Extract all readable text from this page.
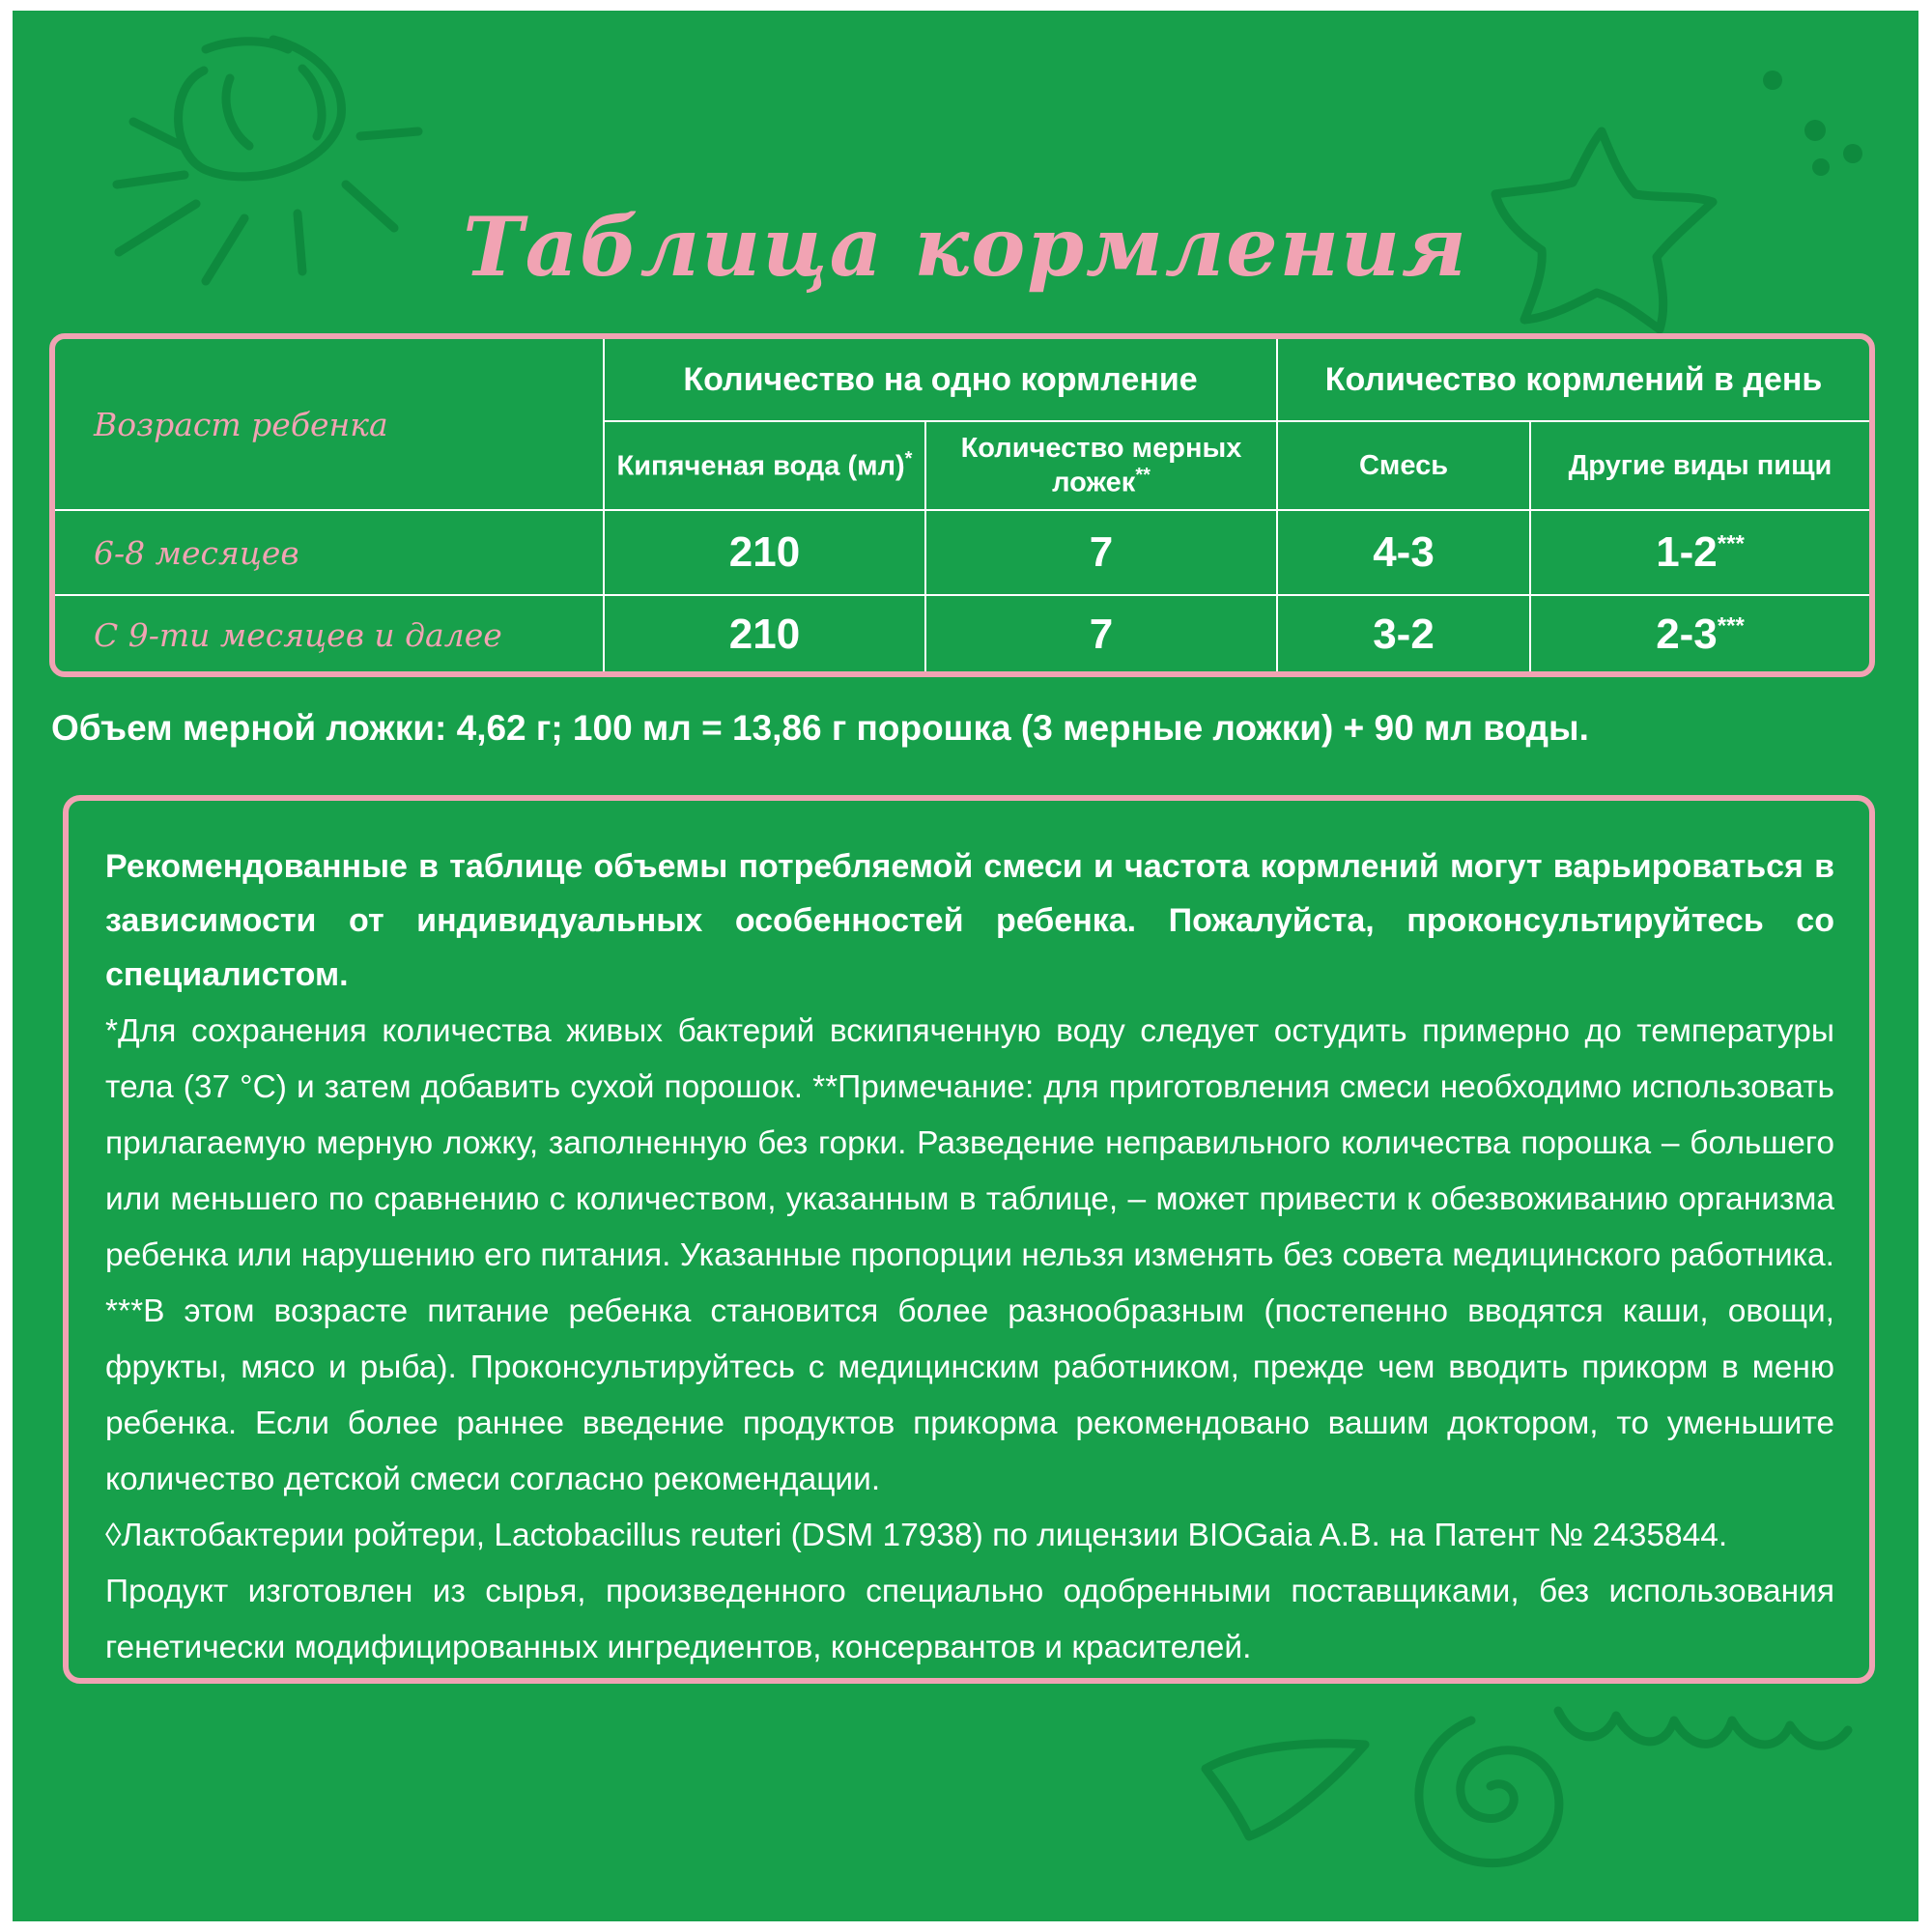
Таблица кормления
Возраст ребенка	Количество на одно кормление		Количество кормлений в день	
	Кипяченая вода (мл)*	Количество мерных ложек**	Смесь	Другие виды пищи
6-8 месяцев	210	7	4-3	1-2***
С 9-ти месяцев и далее	210	7	3-2	2-3***

Объем мерной ложки: 4,62 г; 100 мл = 13,86 г порошка (3 мерные ложки) + 90 мл воды.

Рекомендованные в таблице объемы потребляемой смеси и частота кормлений могут варьироваться в зависимости от индивидуальных особенностей ребенка. Пожалуйста, проконсультируйтесь со специалистом.

*Для сохранения количества живых бактерий вскипяченную воду следует остудить примерно до температуры тела (37 °С) и затем добавить сухой порошок. **Примечание: для приготовления смеси необходимо использовать прилагаемую мерную ложку, заполненную без горки. Разведение неправильного количества порошка – большего или меньшего по сравнению с количеством, указанным в таблице, – может привести к обезвоживанию организма ребенка или нарушению его питания. Указанные пропорции нельзя изменять без совета медицинского работника. ***В этом возрасте питание ребенка становится более разнообразным (постепенно вводятся каши, овощи, фрукты, мясо и рыба). Проконсультируйтесь с медицинским работником, прежде чем вводить прикорм в меню ребенка. Если более раннее введение продуктов прикорма рекомендовано вашим доктором, то уменьшите количество детской смеси согласно рекомендации.

◊Лактобактерии ройтери, Lactobacillus reuteri (DSM 17938) по лицензии BIOGaia A.B. на Патент № 2435844.

Продукт изготовлен из сырья, произведенного специально одобренными поставщиками, без использования генетически модифицированных ингредиентов, консервантов и красителей.
